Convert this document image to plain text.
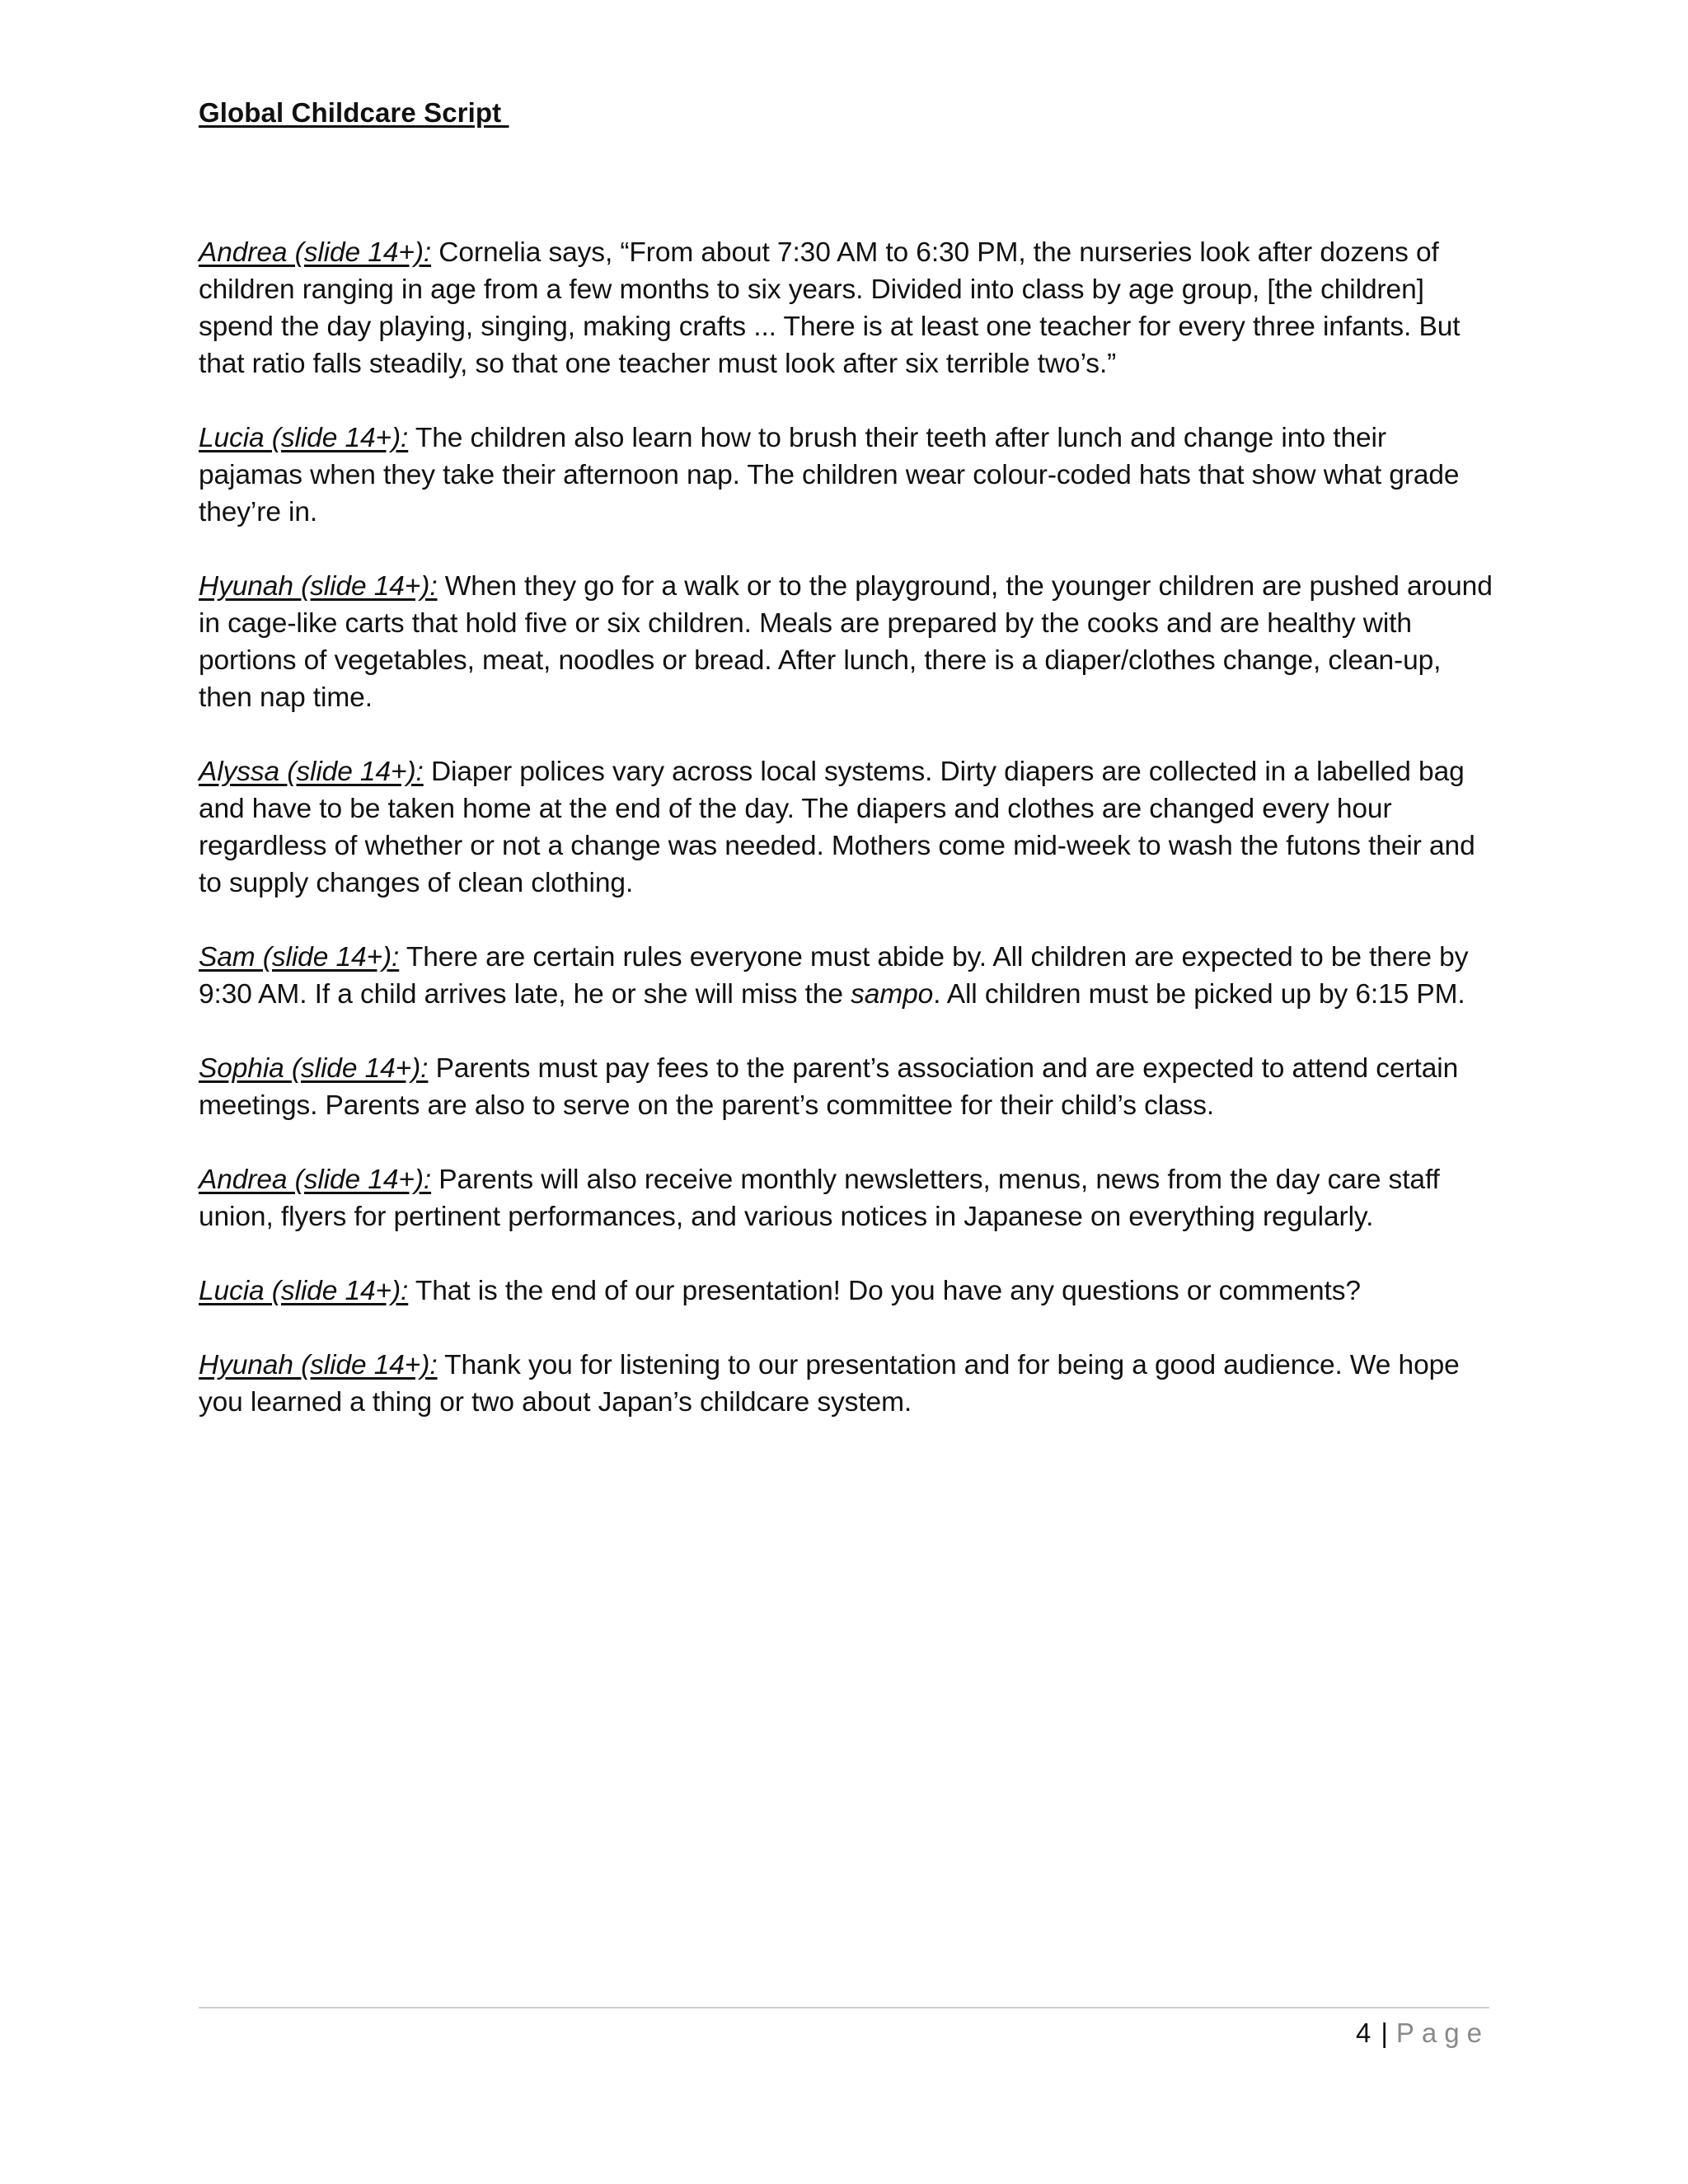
Global Childcare Script

Andrea (slide 14+): Cornelia says, “From about 7:30 AM to 6:30 PM, the nurseries look after dozens of children ranging in age from a few months to six years. Divided into class by age group, [the children] spend the day playing, singing, making crafts ... There is at least one teacher for every three infants. But that ratio falls steadily, so that one teacher must look after six terrible two’s.”

Lucia (slide 14+): The children also learn how to brush their teeth after lunch and change into their pajamas when they take their afternoon nap. The children wear colour-coded hats that show what grade they’re in.

Hyunah (slide 14+): When they go for a walk or to the playground, the younger children are pushed around in cage-like carts that hold five or six children. Meals are prepared by the cooks and are healthy with portions of vegetables, meat, noodles or bread. After lunch, there is a diaper/clothes change, clean-up, then nap time.

Alyssa (slide 14+): Diaper polices vary across local systems. Dirty diapers are collected in a labelled bag and have to be taken home at the end of the day. The diapers and clothes are changed every hour regardless of whether or not a change was needed. Mothers come mid-week to wash the futons their and to supply changes of clean clothing.

Sam (slide 14+): There are certain rules everyone must abide by. All children are expected to be there by 9:30 AM. If a child arrives late, he or she will miss the sampo. All children must be picked up by 6:15 PM.

Sophia (slide 14+): Parents must pay fees to the parent’s association and are expected to attend certain meetings. Parents are also to serve on the parent’s committee for their child’s class.

Andrea (slide 14+): Parents will also receive monthly newsletters, menus, news from the day care staff union, flyers for pertinent performances, and various notices in Japanese on everything regularly.

Lucia (slide 14+): That is the end of our presentation! Do you have any questions or comments?

Hyunah (slide 14+): Thank you for listening to our presentation and for being a good audience. We hope you learned a thing or two about Japan’s childcare system.

4 | Page
